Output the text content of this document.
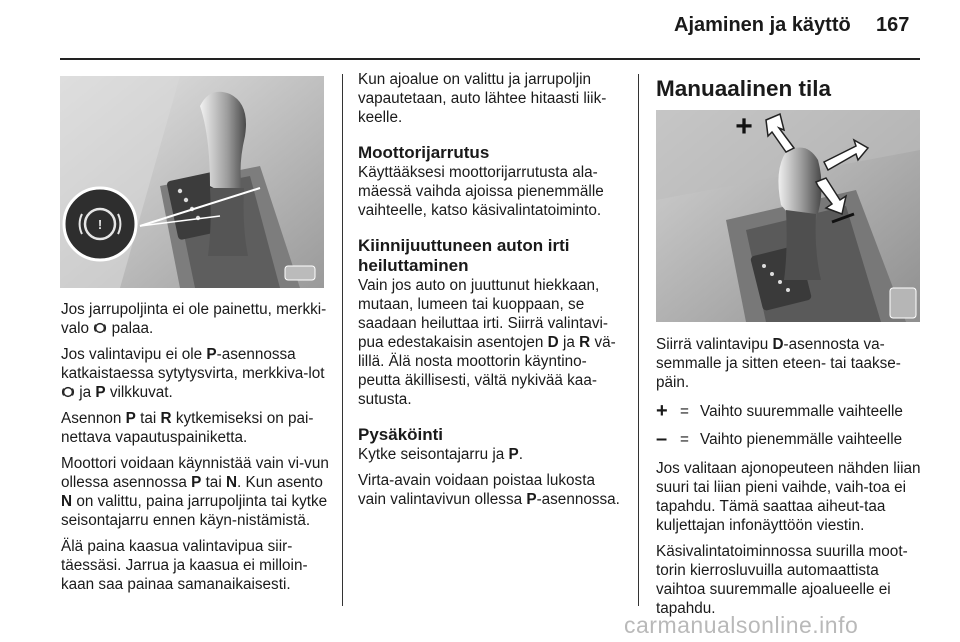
Ajaminen ja käyttö 167
!

Jos jarrupoljinta ei ole painettu, merkki-valo palaa.

Jos valintavipu ei ole P-asennossa katkaistaessa sytytysvirta, merkkiva-lot  ja P vilkkuvat.

Asennon P tai R kytkemiseksi on pai-nettava vapautuspainiketta.

Moottori voidaan käynnistää vain vi-vun ollessa asennossa P tai N. Kun asento N on valittu, paina jarrupoljinta tai kytke seisontajarru ennen käyn-nistämistä.

Älä paina kaasua valintavipua siir-täessäsi. Jarrua ja kaasua ei milloin-kaan saa painaa samanaikaisesti.

Kun ajoalue on valittu ja jarrupoljin vapautetaan, auto lähtee hitaasti liik-keelle.

Moottorijarrutus

Käyttääksesi moottorijarrutusta ala-mäessä vaihda ajoissa pienemmälle vaihteelle, katso käsivalintatoiminto.

Kiinnijuuttuneen auton irti heiluttaminen

Vain jos auto on juuttunut hiekkaan, mutaan, lumeen tai kuoppaan, se saadaan heiluttaa irti. Siirrä valintavi-pua edestakaisin asentojen D ja R vä-lillä. Älä nosta moottorin käyntino-peutta äkillisesti, vältä nykivää kaa-sutusta.

Pysäköinti

Kytke seisontajarru ja P.

Virta-avain voidaan poistaa lukosta vain valintavivun ollessa P-asennossa.

Manuaalinen tila
+

Siirrä valintavipu D-asennosta va-semmalle ja sitten eteen- tai taakse-päin.

+ = Vaihto suuremmalle vaihteelle
– = Vaihto pienemmälle vaihteelle

Jos valitaan ajonopeuteen nähden liian suuri tai liian pieni vaihde, vaih-toa ei tapahdu. Tämä saattaa aiheut-taa kuljettajan infonäyttöön viestin.

Käsivalintatoiminnossa suurilla moot-torin kierrosluvuilla automaattista vaihtoa suuremmalle ajoalueelle ei tapahdu.

carmanualsonline.info
